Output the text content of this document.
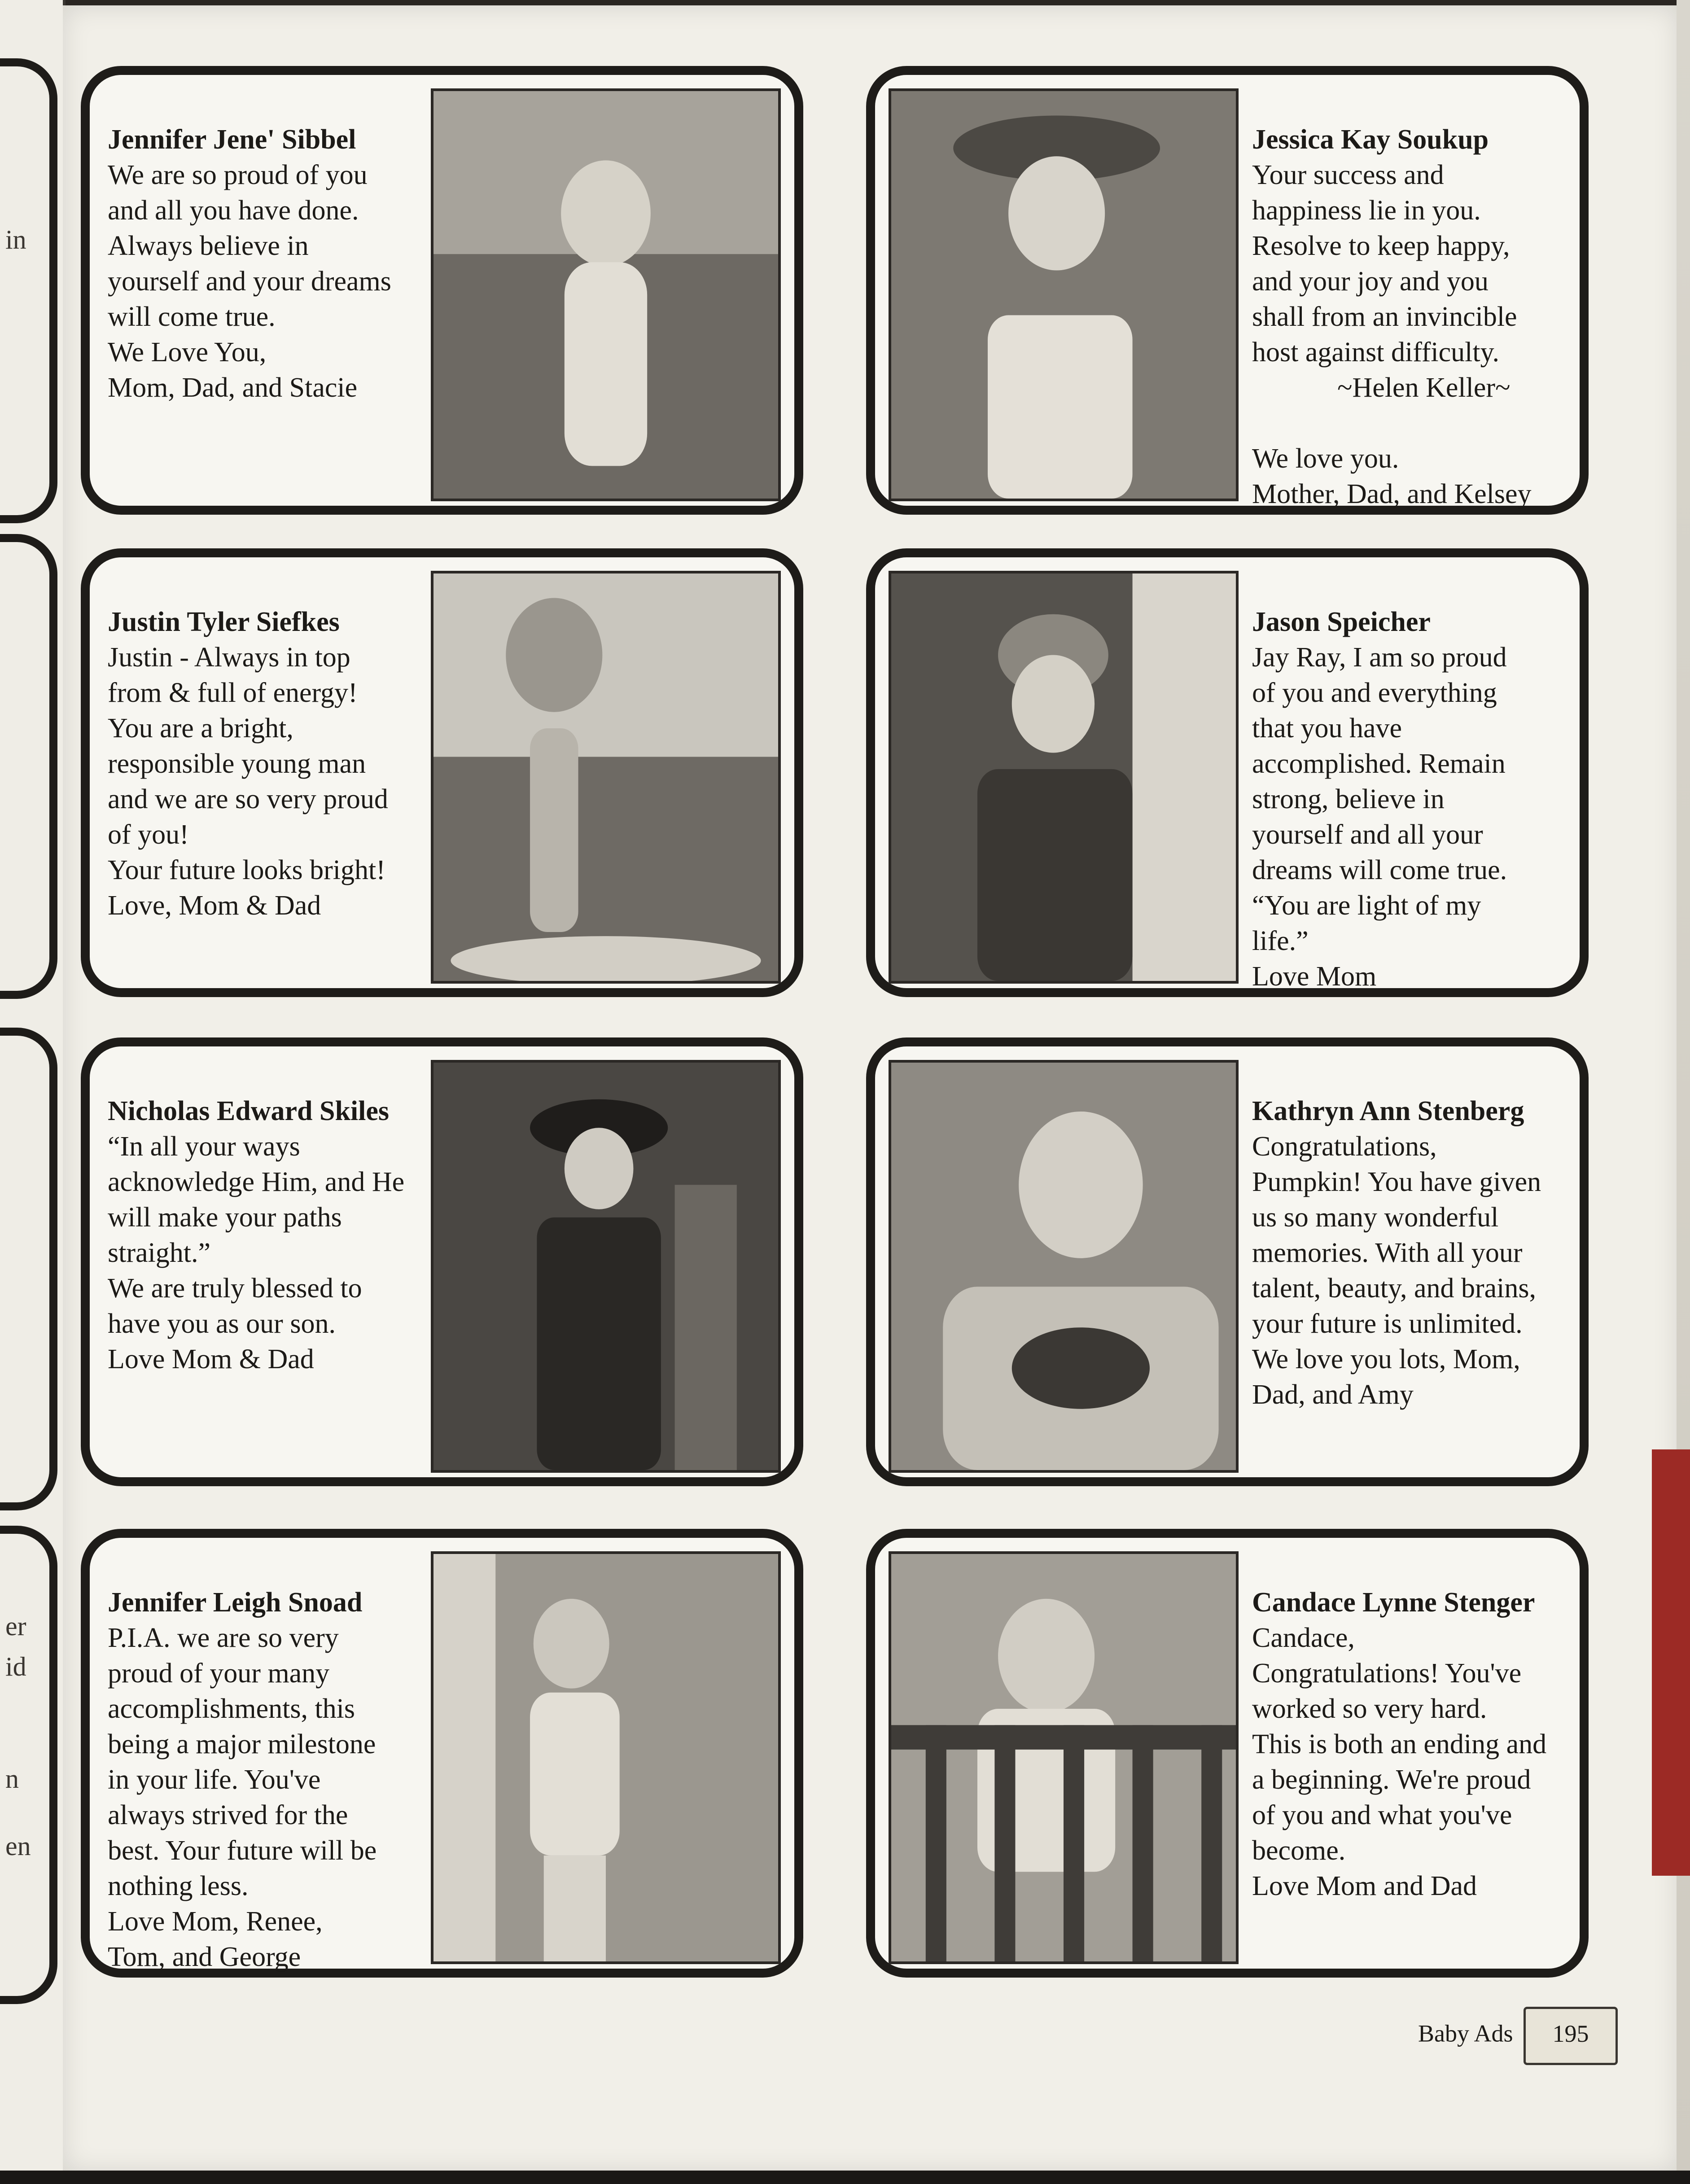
in
er
id
n
en
Jennifer Jene' Sibbel
We are so proud of you
and all you have done.
Always believe in
yourself and your dreams
will come true.
We Love You,
Mom, Dad, and Stacie
Jessica Kay Soukup
Your success and
happiness lie in you.
Resolve to keep happy,
and your joy and you
shall from an invincible
host against difficulty.
~Helen Keller~
We love you.
Mother, Dad, and Kelsey
Justin Tyler Siefkes
Justin - Always in top
from & full of energy!
You are a bright,
responsible young man
and we are so very proud
of you!
Your future looks bright!
Love, Mom & Dad
Jason Speicher
Jay Ray, I am so proud
of you and everything
that you have
accomplished. Remain
strong, believe in
yourself and all your
dreams will come true.
“You are light of my
life.”
Love Mom
Nicholas Edward Skiles
“In all your ways
acknowledge Him, and He
will make your paths
straight.”
We are truly blessed to
have you as our son.
Love Mom & Dad
Kathryn Ann Stenberg
Congratulations,
Pumpkin! You have given
us so many wonderful
memories. With all your
talent, beauty, and brains,
your future is unlimited.
We love you lots, Mom,
Dad, and Amy
Jennifer Leigh Snoad
P.I.A. we are so very
proud of your many
accomplishments, this
being a major milestone
in your life. You've
always strived for the
best. Your future will be
nothing less.
Love Mom, Renee,
Tom, and George
Candace Lynne Stenger
Candace,
Congratulations! You've
worked so very hard.
This is both an ending and
a beginning. We're proud
of you and what you've
become.
Love Mom and Dad
Baby Ads 195
